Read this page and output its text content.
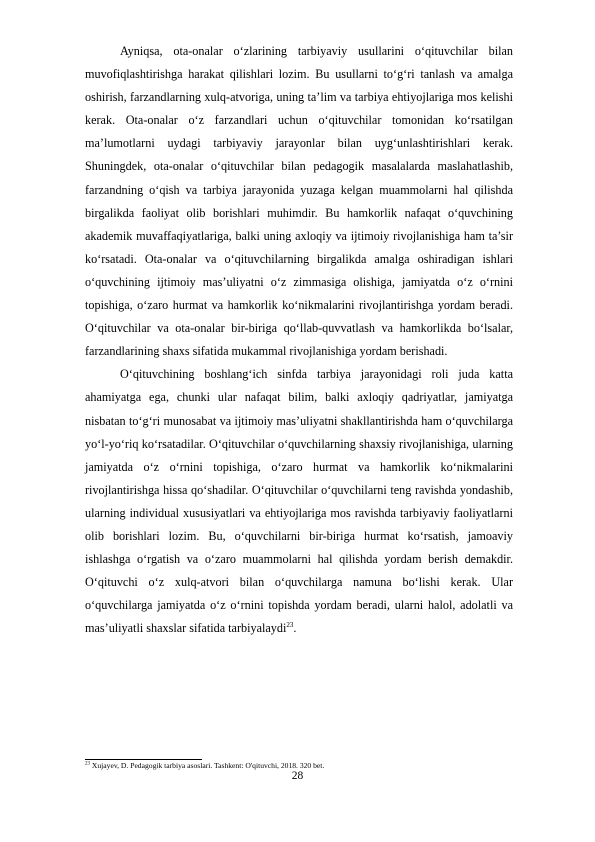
Ayniqsa, ota-onalar o‘zlarining tarbiyaviy usullarini o‘qituvchilar bilan muvofiqlashtirishga harakat qilishlari lozim. Bu usullarni to‘g‘ri tanlash va amalga oshirish, farzandlarning xulq-atvoriga, uning ta’lim va tarbiya ehtiyojlariga mos kelishi kerak. Ota-onalar o‘z farzandlari uchun o‘qituvchilar tomonidan ko‘rsatilgan ma’lumotlarni uydagi tarbiyaviy jarayonlar bilan uyg‘unlashtirishlari kerak. Shuningdek, ota-onalar o‘qituvchilar bilan pedagogik masalalarda maslahatlashib, farzandning o‘qish va tarbiya jarayonida yuzaga kelgan muammolarni hal qilishda birgalikda faoliyat olib borishlari muhimdir. Bu hamkorlik nafaqat o‘quvchining akademik muvaffaqiyatlariga, balki uning axloqiy va ijtimoiy rivojlanishiga ham ta’sir ko‘rsatadi. Ota-onalar va o‘qituvchilarning birgalikda amalga oshiradigan ishlari o‘quvchining ijtimoiy mas’uliyatni o‘z zimmasiga olishiga, jamiyatda o‘z o‘rnini topishiga, o‘zaro hurmat va hamkorlik ko‘nikmalarini rivojlantirishga yordam beradi. O‘qituvchilar va ota-onalar bir-biriga qo‘llab-quvvatlash va hamkorlikda bo‘lsalar, farzandlarining shaxs sifatida mukammal rivojlanishiga yordam berishadi.

O‘qituvchining boshlang‘ich sinfda tarbiya jarayonidagi roli juda katta ahamiyatga ega, chunki ular nafaqat bilim, balki axloqiy qadriyatlar, jamiyatga nisbatan to‘g‘ri munosabat va ijtimoiy mas’uliyatni shakllantirishda ham o‘quvchilarga yo‘l-yo‘riq ko‘rsatadilar. O‘qituvchilar o‘quvchilarning shaxsiy rivojlanishiga, ularning jamiyatda o‘z o‘rnini topishiga, o‘zaro hurmat va hamkorlik ko‘nikmalarini rivojlantirishga hissa qo‘shadilar. O‘qituvchilar o‘quvchilarni teng ravishda yondashib, ularning individual xususiyatlari va ehtiyojlariga mos ravishda tarbiyaviy faoliyatlarni olib borishlari lozim. Bu, o‘quvchilarni bir-biriga hurmat ko‘rsatish, jamoaviy ishlashga o‘rgatish va o‘zaro muammolarni hal qilishda yordam berish demakdir. O‘qituvchi o‘z xulq-atvori bilan o‘quvchilarga namuna bo‘lishi kerak. Ular o‘quvchilarga jamiyatda o‘z o‘rnini topishda yordam beradi, ularni halol, adolatli va mas’uliyatli shaxslar sifatida tarbiyalaydi$^{23}$.

$^{23}$ Xujayev, D. Pedagogik tarbiya asoslari. Tashkent: O'qituvchi, 2018. 320 bet.
28
